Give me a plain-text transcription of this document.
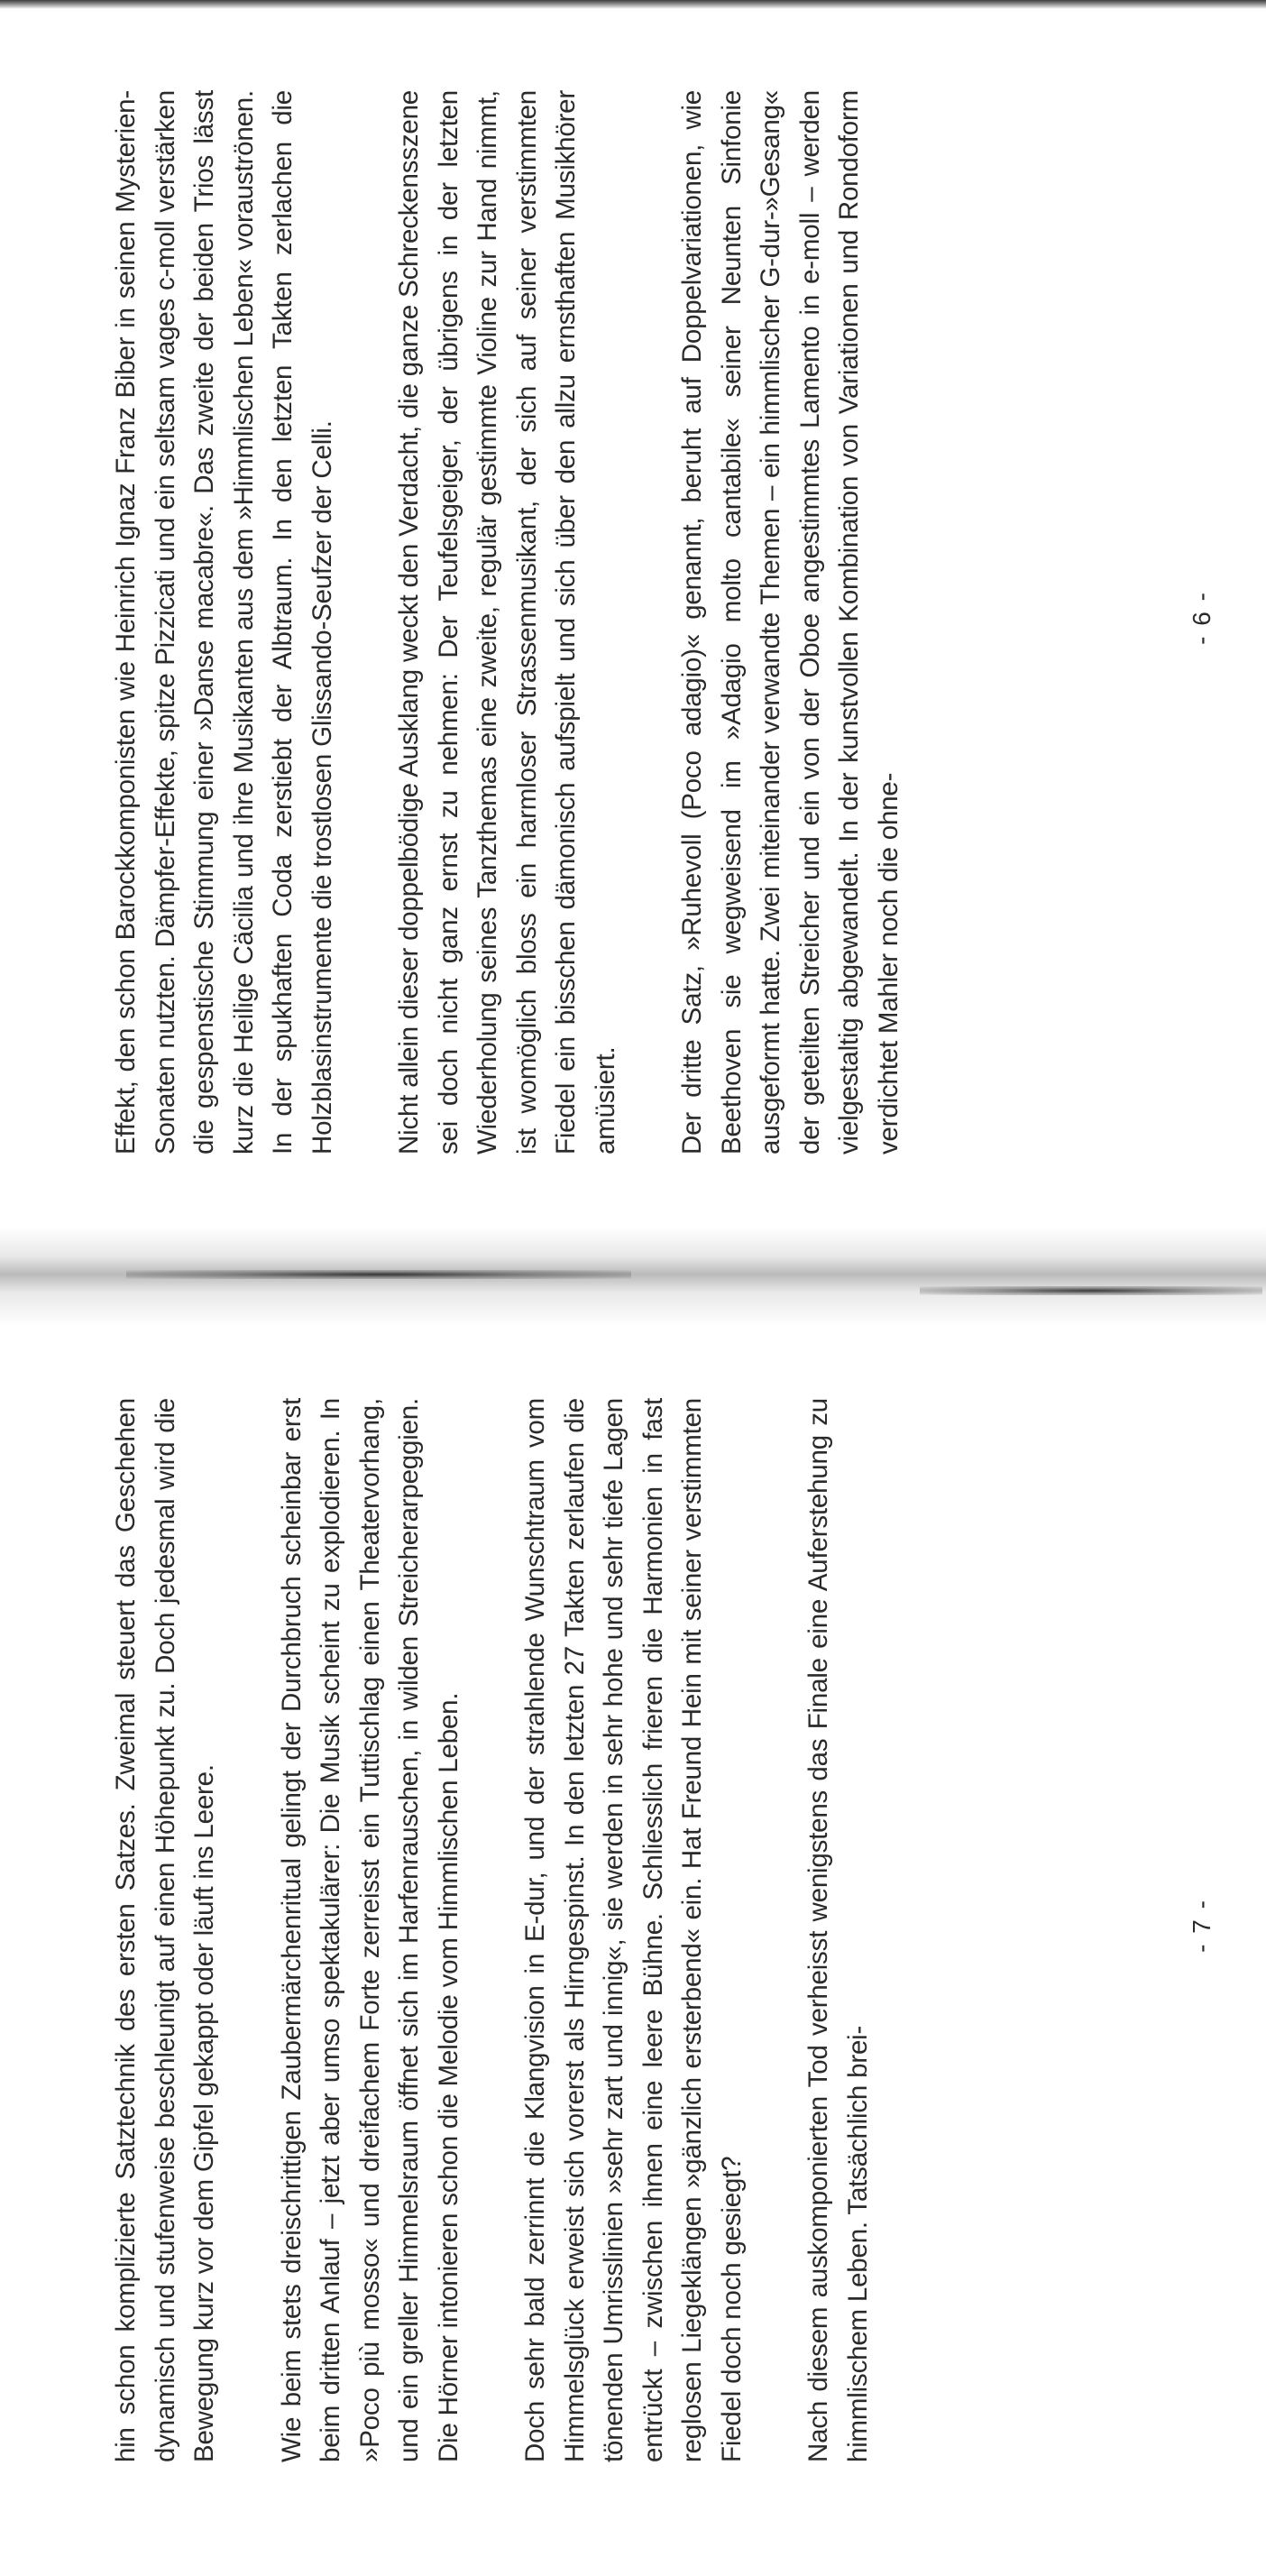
Effekt, den schon Barockkomponisten wie Heinrich Ignaz Franz Biber in seinen Mysterien-Sonaten nutzten. Dämpfer-Effekte, spitze Pizzicati und ein seltsam vages c-moll verstärken die gespenstische Stimmung einer »Danse macabre«. Das zweite der beiden Trios lässt kurz die Heilige Cäcilia und ihre Musikanten aus dem »Himmlischen Leben« vorauströnen. In der spukhaften Coda zerstiebt der Albtraum. In den letzten Takten zerlachen die Holzblasinstrumente die trostlosen Glissando-Seufzer der Celli. Nicht allein dieser doppelbödige Ausklang weckt den Verdacht, die ganze Schreckensszene sei doch nicht ganz ernst zu nehmen: Der Teufelsgeiger, der übrigens in der letzten Wiederholung seines Tanzthemas eine zweite, regulär gestimmte Violine zur Hand nimmt, ist womöglich bloss ein harmloser Strassenmusikant, der sich auf seiner verstimmten Fiedel ein bisschen dämonisch aufspielt und sich über den allzu ernsthaften Musikhörer amüsiert. Der dritte Satz, »Ruhevoll (Poco adagio)« genannt, beruht auf Doppelvariationen, wie Beethoven sie wegweisend im »Adagio molto cantabile« seiner Neunten Sinfonie ausgeformt hatte. Zwei miteinander verwandte Themen – ein himmlischer G-dur-»Gesang« der geteilten Streicher und ein von der Oboe angestimmtes Lamento in e-moll – werden vielgestaltig abgewandelt. In der kunstvollen Kombination von Variationen und Rondoform verdichtet Mahler noch die ohne-

- 6 -

hin schon komplizierte Satztechnik des ersten Satzes. Zweimal steuert das Geschehen dynamisch und stufenweise beschleunigt auf einen Höhepunkt zu. Doch jedesmal wird die Bewegung kurz vor dem Gipfel gekappt oder läuft ins Leere. Wie beim stets dreischrittigen Zaubermärchenritual gelingt der Durchbruch scheinbar erst beim dritten Anlauf – jetzt aber umso spektakulärer: Die Musik scheint zu explodieren. In »Poco più mosso« und dreifachem Forte zerreisst ein Tuttischlag einen Theatervorhang, und ein greller Himmelsraum öffnet sich im Harfenrauschen, in wilden Streicherarpeggien. Die Hörner intonieren schon die Melodie vom Himmlischen Leben. Doch sehr bald zerrinnt die Klangvision in E-dur, und der strahlende Wunschtraum vom Himmelsglück erweist sich vorerst als Hirngespinst. In den letzten 27 Takten zerlaufen die tönenden Umrisslinien »sehr zart und innig«, sie werden in sehr hohe und sehr tiefe Lagen entrückt – zwischen ihnen eine leere Bühne. Schliesslich frieren die Harmonien in fast reglosen Liegeklängen »gänzlich ersterbend« ein. Hat Freund Hein mit seiner verstimmten Fiedel doch noch gesiegt? Nach diesem auskomponierten Tod verheisst wenigstens das Finale eine Auferstehung zu himmlischem Leben. Tatsächlich brei-

- 7 -
